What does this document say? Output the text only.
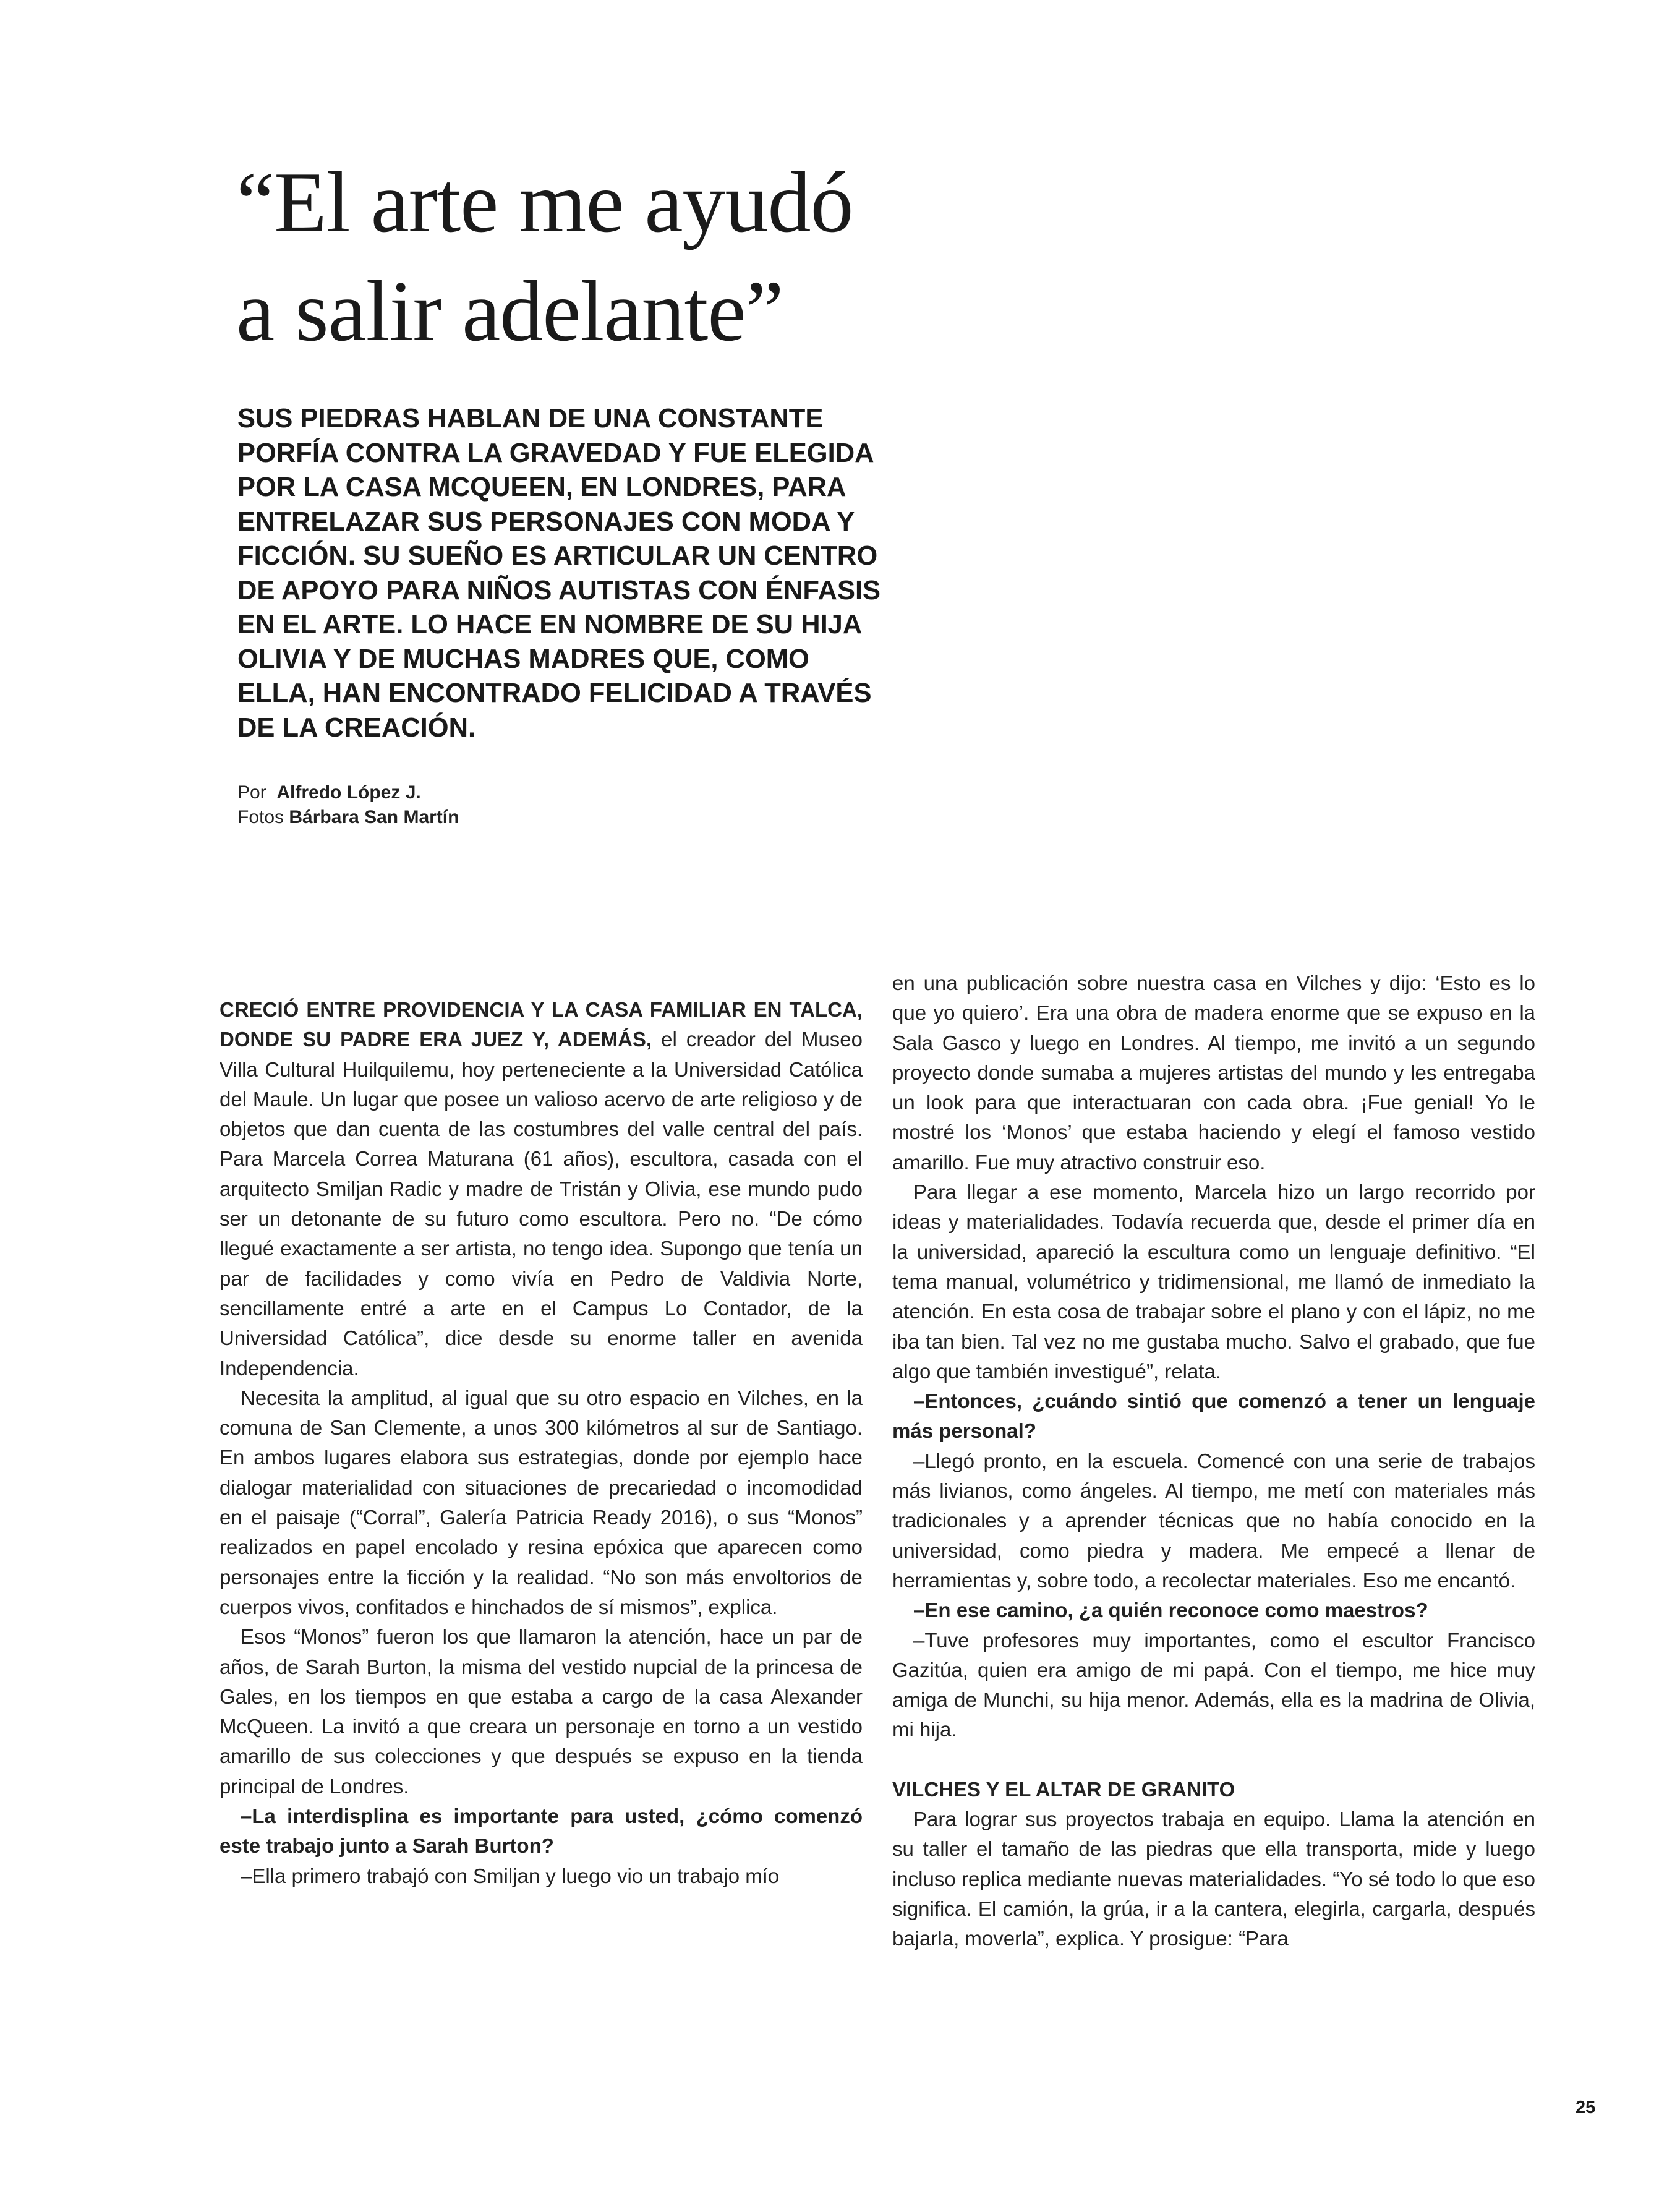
“El arte me ayudó
a salir adelante”
SUS PIEDRAS HABLAN DE UNA CONSTANTE
PORFÍA CONTRA LA GRAVEDAD Y FUE ELEGIDA
POR LA CASA MCQUEEN, EN LONDRES, PARA
ENTRELAZAR SUS PERSONAJES CON MODA Y
FICCIÓN. SU SUEÑO ES ARTICULAR UN CENTRO
DE APOYO PARA NIÑOS AUTISTAS CON ÉNFASIS
EN EL ARTE. LO HACE EN NOMBRE DE SU HIJA
OLIVIA Y DE MUCHAS MADRES QUE, COMO
ELLA, HAN ENCONTRADO FELICIDAD A TRAVÉS
DE LA CREACIÓN.
Por Alfredo López J.
Fotos Bárbara San Martín

CRECIÓ ENTRE PROVIDENCIA Y LA CASA FAMILIAR EN TALCA, DONDE SU PADRE ERA JUEZ Y, ADEMÁS, el creador del Museo Villa Cultural Huilquilemu, hoy perteneciente a la Universidad Católica del Maule. Un lugar que posee un valioso acervo de arte religioso y de objetos que dan cuenta de las costumbres del valle central del país. Para Marcela Correa Maturana (61 años), escultora, casada con el arquitecto Smiljan Radic y madre de Tristán y Olivia, ese mundo pudo ser un detonante de su futuro como escultora. Pero no. “De cómo llegué exactamente a ser artista, no tengo idea. Supongo que tenía un par de facilidades y como vivía en Pedro de Valdivia Norte, sencillamente entré a arte en el Campus Lo Contador, de la Universidad Católica”, dice desde su enorme taller en avenida Independencia.

Necesita la amplitud, al igual que su otro espacio en Vilches, en la comuna de San Clemente, a unos 300 kilómetros al sur de Santiago. En ambos lugares elabora sus estrategias, donde por ejemplo hace dialogar materialidad con situaciones de precariedad o incomodidad en el paisaje (“Corral”, Galería Patricia Ready 2016), o sus “Monos” realizados en papel encolado y resina epóxica que aparecen como personajes entre la ficción y la realidad. “No son más envoltorios de cuerpos vivos, confitados e hinchados de sí mismos”, explica.

Esos “Monos” fueron los que llamaron la atención, hace un par de años, de Sarah Burton, la misma del vestido nupcial de la princesa de Gales, en los tiempos en que estaba a cargo de la casa Alexander McQueen. La invitó a que creara un personaje en torno a un vestido amarillo de sus colecciones y que después se expuso en la tienda principal de Londres.

–La interdisplina es importante para usted, ¿cómo comenzó este trabajo junto a Sarah Burton?

–Ella primero trabajó con Smiljan y luego vio un trabajo mío

en una publicación sobre nuestra casa en Vilches y dijo: ‘Esto es lo que yo quiero’. Era una obra de madera enorme que se expuso en la Sala Gasco y luego en Londres. Al tiempo, me invitó a un segundo proyecto donde sumaba a mujeres artistas del mundo y les entregaba un look para que interactuaran con cada obra. ¡Fue genial! Yo le mostré los ‘Monos’ que estaba haciendo y elegí el famoso vestido amarillo. Fue muy atractivo construir eso.

Para llegar a ese momento, Marcela hizo un largo recorrido por ideas y materialidades. Todavía recuerda que, desde el primer día en la universidad, apareció la escultura como un lenguaje definitivo. “El tema manual, volumétrico y tridimensional, me llamó de inmediato la atención. En esta cosa de trabajar sobre el plano y con el lápiz, no me iba tan bien. Tal vez no me gustaba mucho. Salvo el grabado, que fue algo que también investigué”, relata.

–Entonces, ¿cuándo sintió que comenzó a tener un lenguaje más personal?

–Llegó pronto, en la escuela. Comencé con una serie de trabajos más livianos, como ángeles. Al tiempo, me metí con materiales más tradicionales y a aprender técnicas que no había conocido en la universidad, como piedra y madera. Me empecé a llenar de herramientas y, sobre todo, a recolectar materiales. Eso me encantó.

–En ese camino, ¿a quién reconoce como maestros?

–Tuve profesores muy importantes, como el escultor Francisco Gazitúa, quien era amigo de mi papá. Con el tiempo, me hice muy amiga de Munchi, su hija menor. Además, ella es la madrina de Olivia, mi hija.

VILCHES Y EL ALTAR DE GRANITO

Para lograr sus proyectos trabaja en equipo. Llama la atención en su taller el tamaño de las piedras que ella transporta, mide y luego incluso replica mediante nuevas materialidades. “Yo sé todo lo que eso significa. El camión, la grúa, ir a la cantera, elegirla, cargarla, después bajarla, moverla”, explica. Y prosigue: “Para

25
